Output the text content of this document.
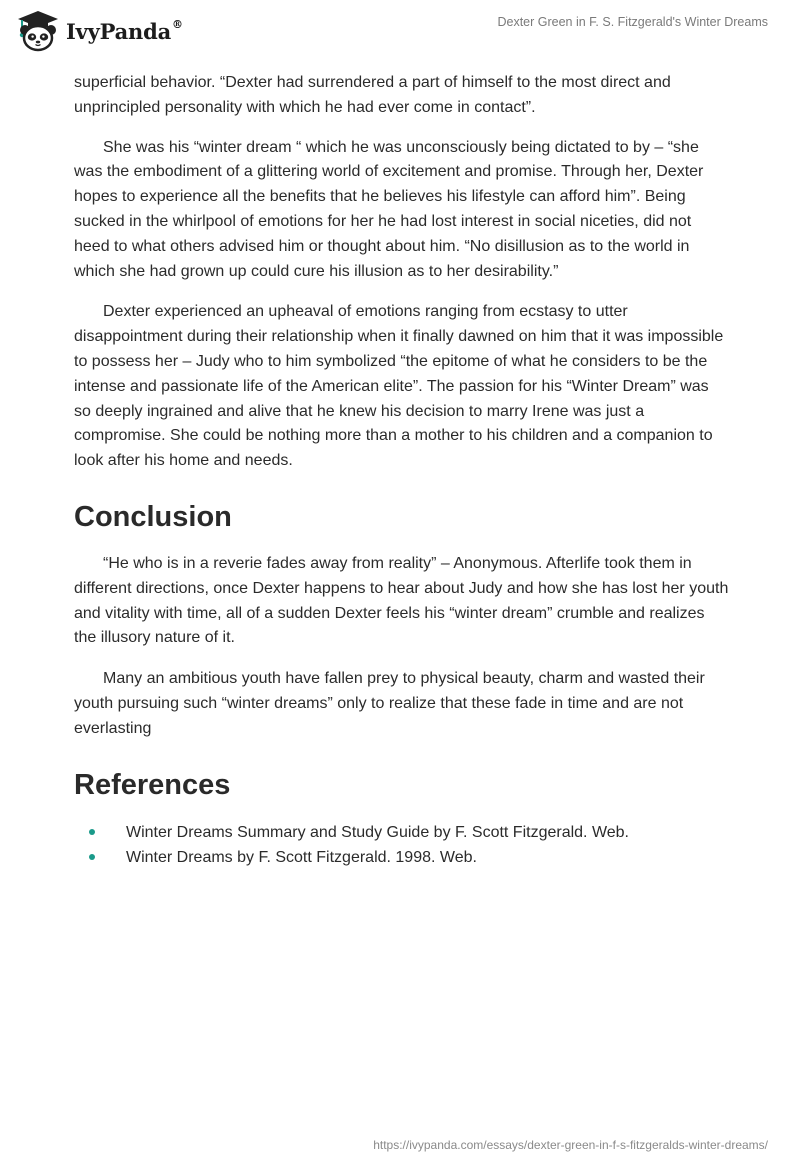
IvyPanda®	Dexter Green in F. S. Fitzgerald's Winter Dreams

superficial behavior. “Dexter had surrendered a part of himself to the most direct and unprincipled personality with which he had ever come in contact”.

She was his “winter dream “ which he was unconsciously being dictated to by – “she was the embodiment of a glittering world of excitement and promise. Through her, Dexter hopes to experience all the benefits that he believes his lifestyle can afford him”. Being sucked in the whirlpool of emotions for her he had lost interest in social niceties, did not heed to what others advised him or thought about him. “No disillusion as to the world in which she had grown up could cure his illusion as to her desirability.”

Dexter experienced an upheaval of emotions ranging from ecstasy to utter disappointment during their relationship when it finally dawned on him that it was impossible to possess her – Judy who to him symbolized “the epitome of what he considers to be the intense and passionate life of the American elite”. The passion for his “Winter Dream” was so deeply ingrained and alive that he knew his decision to marry Irene was just a compromise. She could be nothing more than a mother to his children and a companion to look after his home and needs.

Conclusion

“He who is in a reverie fades away from reality” – Anonymous. Afterlife took them in different directions, once Dexter happens to hear about Judy and how she has lost her youth and vitality with time, all of a sudden Dexter feels his “winter dream” crumble and realizes the illusory nature of it.

Many an ambitious youth have fallen prey to physical beauty, charm and wasted their youth pursuing such “winter dreams” only to realize that these fade in time and are not everlasting

References
Winter Dreams Summary and Study Guide by F. Scott Fitzgerald. Web.
Winter Dreams by F. Scott Fitzgerald. 1998. Web.
https://ivypanda.com/essays/dexter-green-in-f-s-fitzgeralds-winter-dreams/
